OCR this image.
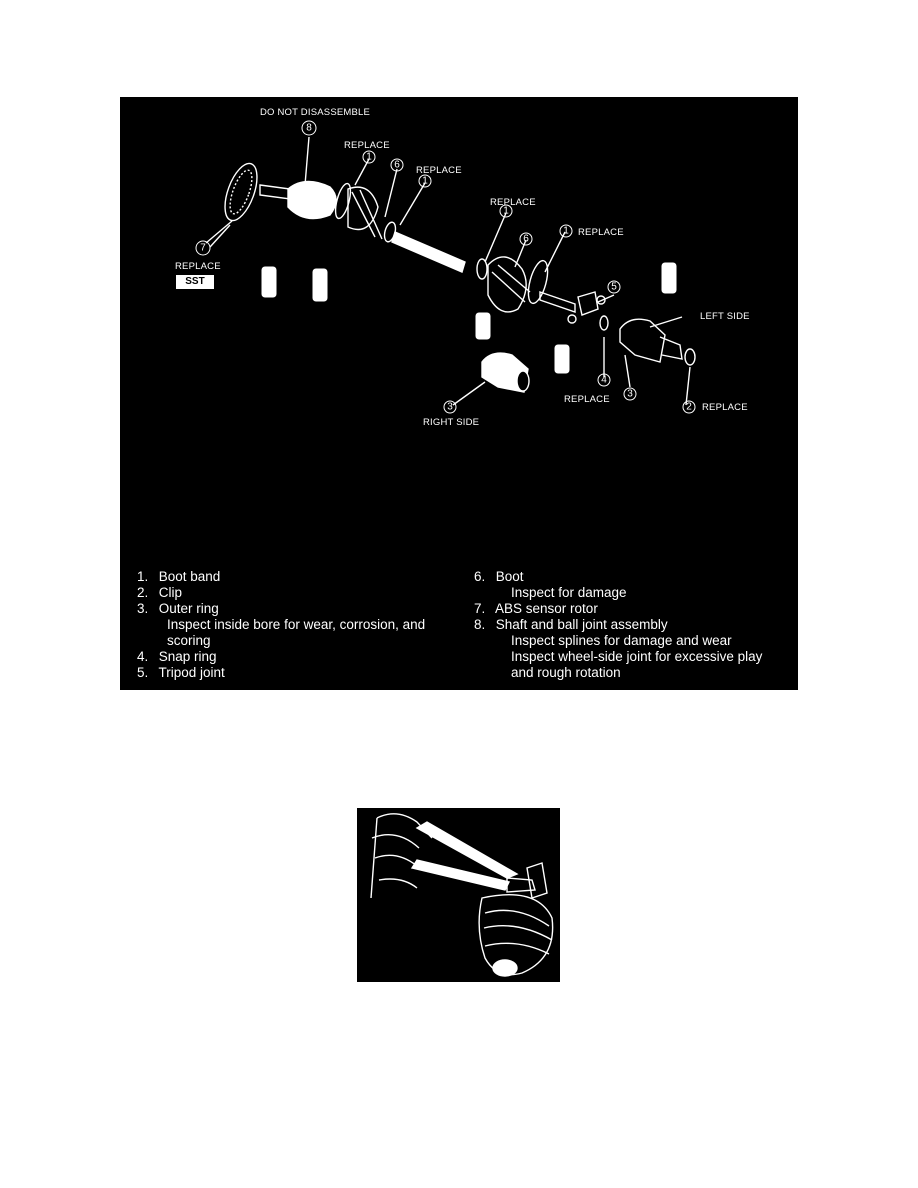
DO NOT DISASSEMBLE
REPLACE
REPLACE
REPLACE
REPLACE
REPLACE
LEFT SIDE
REPLACE
REPLACE
RIGHT SIDE
8
1
6
1
1
6
1
5
7
4
3
2
3
SST
1. Boot band
2. Clip
3. Outer ring
Inspect inside bore for wear, corrosion, and
scoring
4. Snap ring
5. Tripod joint
6. Boot
Inspect for damage
7. ABS sensor rotor
8. Shaft and ball joint assembly
Inspect splines for damage and wear
Inspect wheel-side joint for excessive play
and rough rotation
